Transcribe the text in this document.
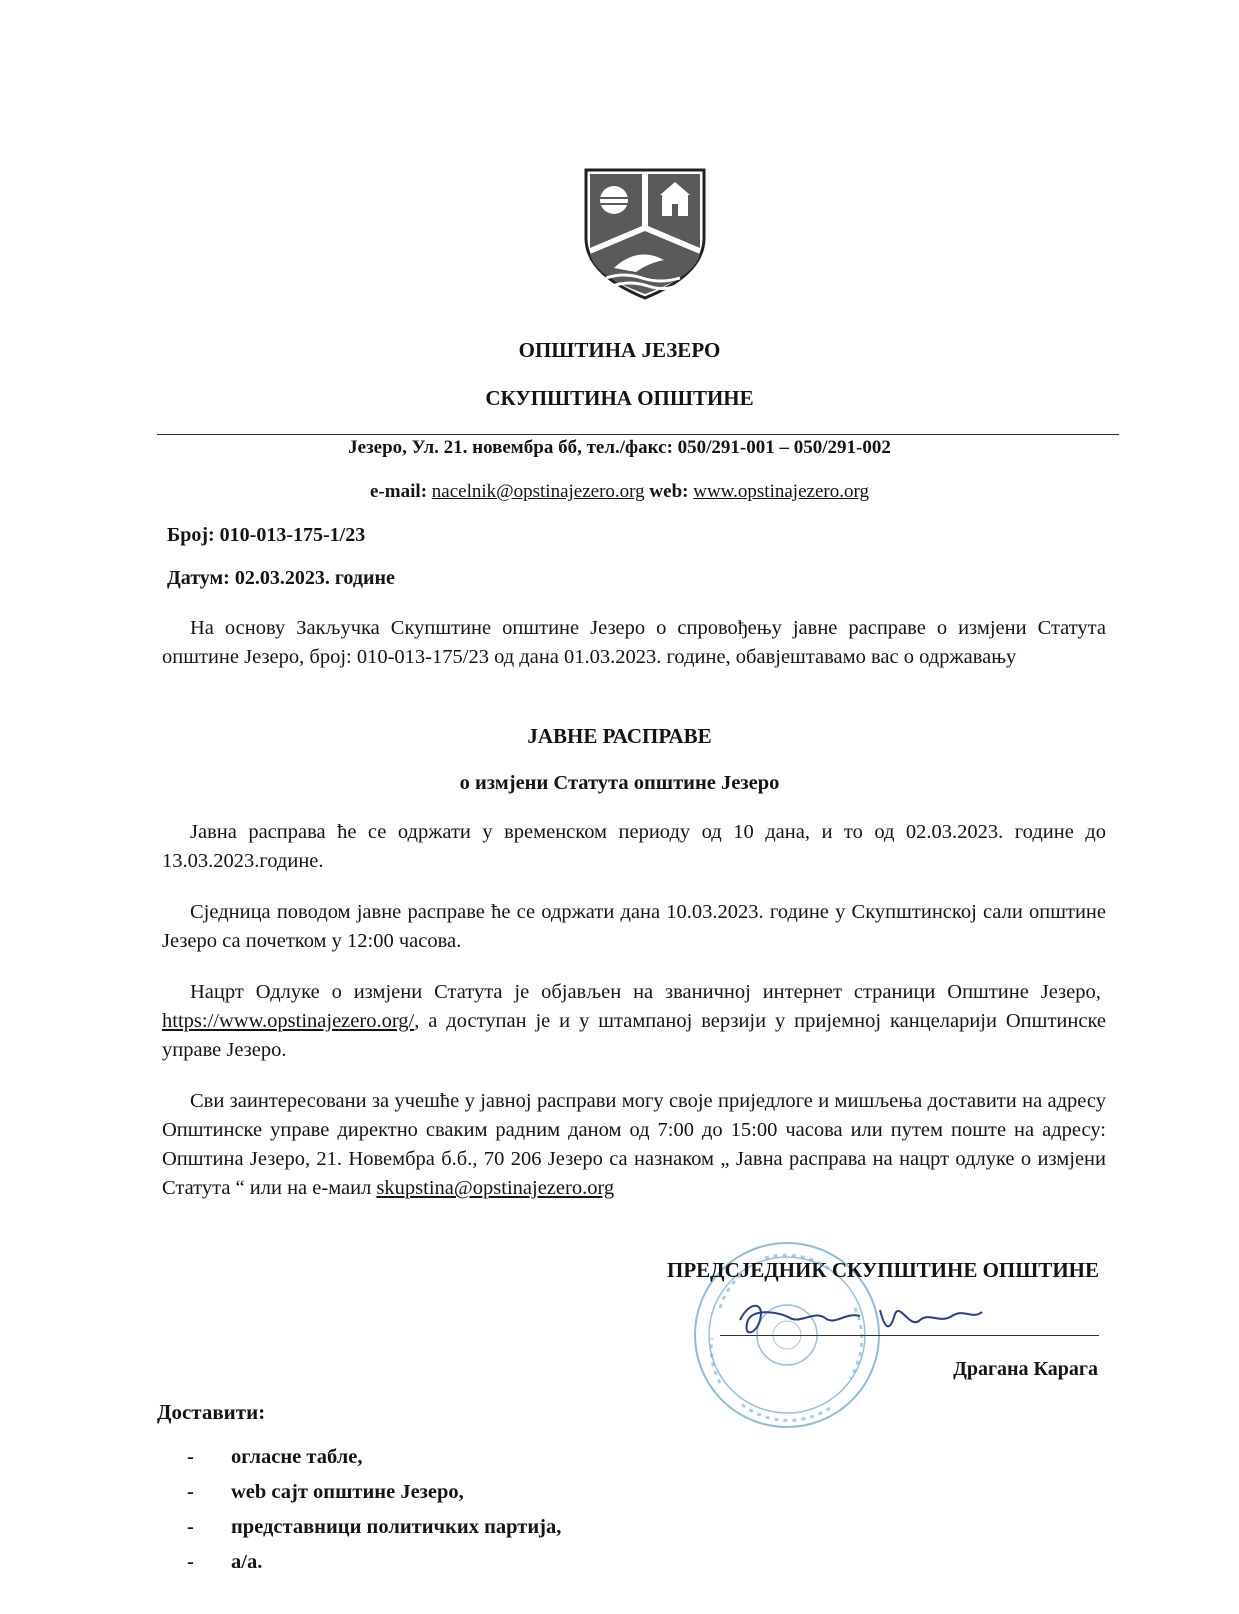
ОПШТИНА ЈЕЗЕРО
СКУПШТИНА ОПШТИНЕ
Језеро, Ул. 21. новембра бб, тел./факс: 050/291-001 – 050/291-002
e-mail: nacelnik@opstinajezero.org web: www.opstinajezero.org
Број: 010-013-175-1/23
Датум: 02.03.2023. године
На основу Закључка Скупштине општине Језеро о спровођењу јавне расправе о измјени Статута општине Језеро, број: 010-013-175/23 од дана 01.03.2023. године, обавјештавамо вас о одржавању
ЈАВНЕ РАСПРАВЕ
о измјени Статута општине Језеро
Јавна расправа ће се одржати у временском периоду од 10 дана, и то од 02.03.2023. године до 13.03.2023.године.
Сједница поводом јавне расправе ће се одржати дана 10.03.2023. године у Скупштинској сали општине Језеро са почетком у 12:00 часова.
Нацрт Одлуке о измјени Статута је објављен на званичној интернет страници Општине Језеро,  https://www.opstinajezero.org/, а доступан је и у штампаној верзији у пријемној канцеларији Општинске управе Језеро.
Сви заинтересовани за учешће у јавној расправи могу своје приједлоге и мишљења доставити на адресу Општинске управе директно сваким радним даном од 7:00 до 15:00 часова или путем поште на адресу: Општина Језеро, 21. Новембра б.б., 70 206 Језеро са назнаком „ Јавна расправа на нацрт одлуке о измјени Статута “ или на е-маил skupstina@opstinajezero.org
ПРЕДСЈЕДНИК СКУПШТИНЕ ОПШТИНЕ
Драгана Карага
Доставити:
- огласне табле,
- web сајт општине Језеро,
- представници политичких партија,
- а/а.
